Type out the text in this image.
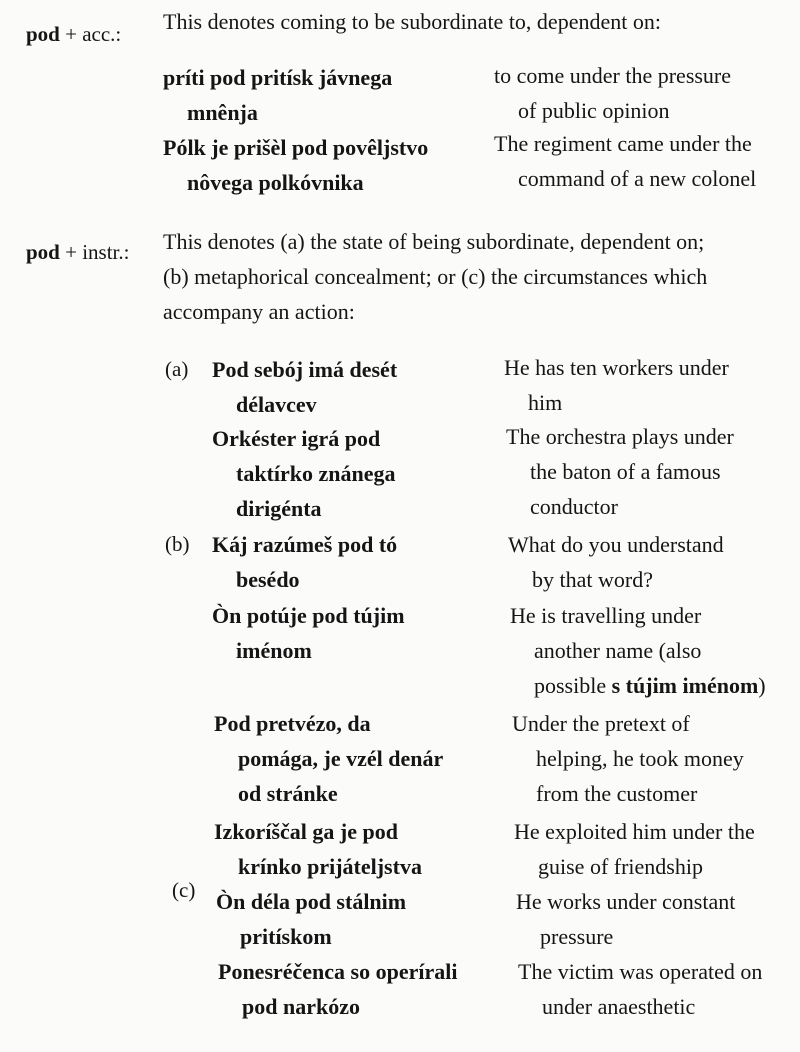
pod + acc.: This denotes coming to be subordinate to, dependent on:
príti pod pritísk jávnega
mnênja
to come under the pressure
of public opinion
Pólk je prišèl pod povêljstvo
nôvega polkóvnika
The regiment came under the
command of a new colonel
pod + instr.: This denotes (a) the state of being subordinate, dependent on;
(b) metaphorical concealment; or (c) the circumstances which
accompany an action:
(a)
(b)
(c)
Pod sebój imá desét
délavcev
He has ten workers under
him
Orkéster igrá pod
taktírko znánega
dirigénta
The orchestra plays under
the baton of a famous
conductor
Káj razúmeš pod tó
besédo
What do you understand
by that word?
Òn potúje pod tújim
iménom
He is travelling under
another name (also
possible s tújim iménom)
Pod pretvézo, da
pomága, je vzél denár
od stránke
Under the pretext of
helping, he took money
from the customer
Izkoríščal ga je pod
krínko prijáteljstva
He exploited him under the
guise of friendship
Òn déla pod stálnim
pritískom
He works under constant
pressure
Ponesréčenca so operírali
pod narkózo
The victim was operated on
under anaesthetic
